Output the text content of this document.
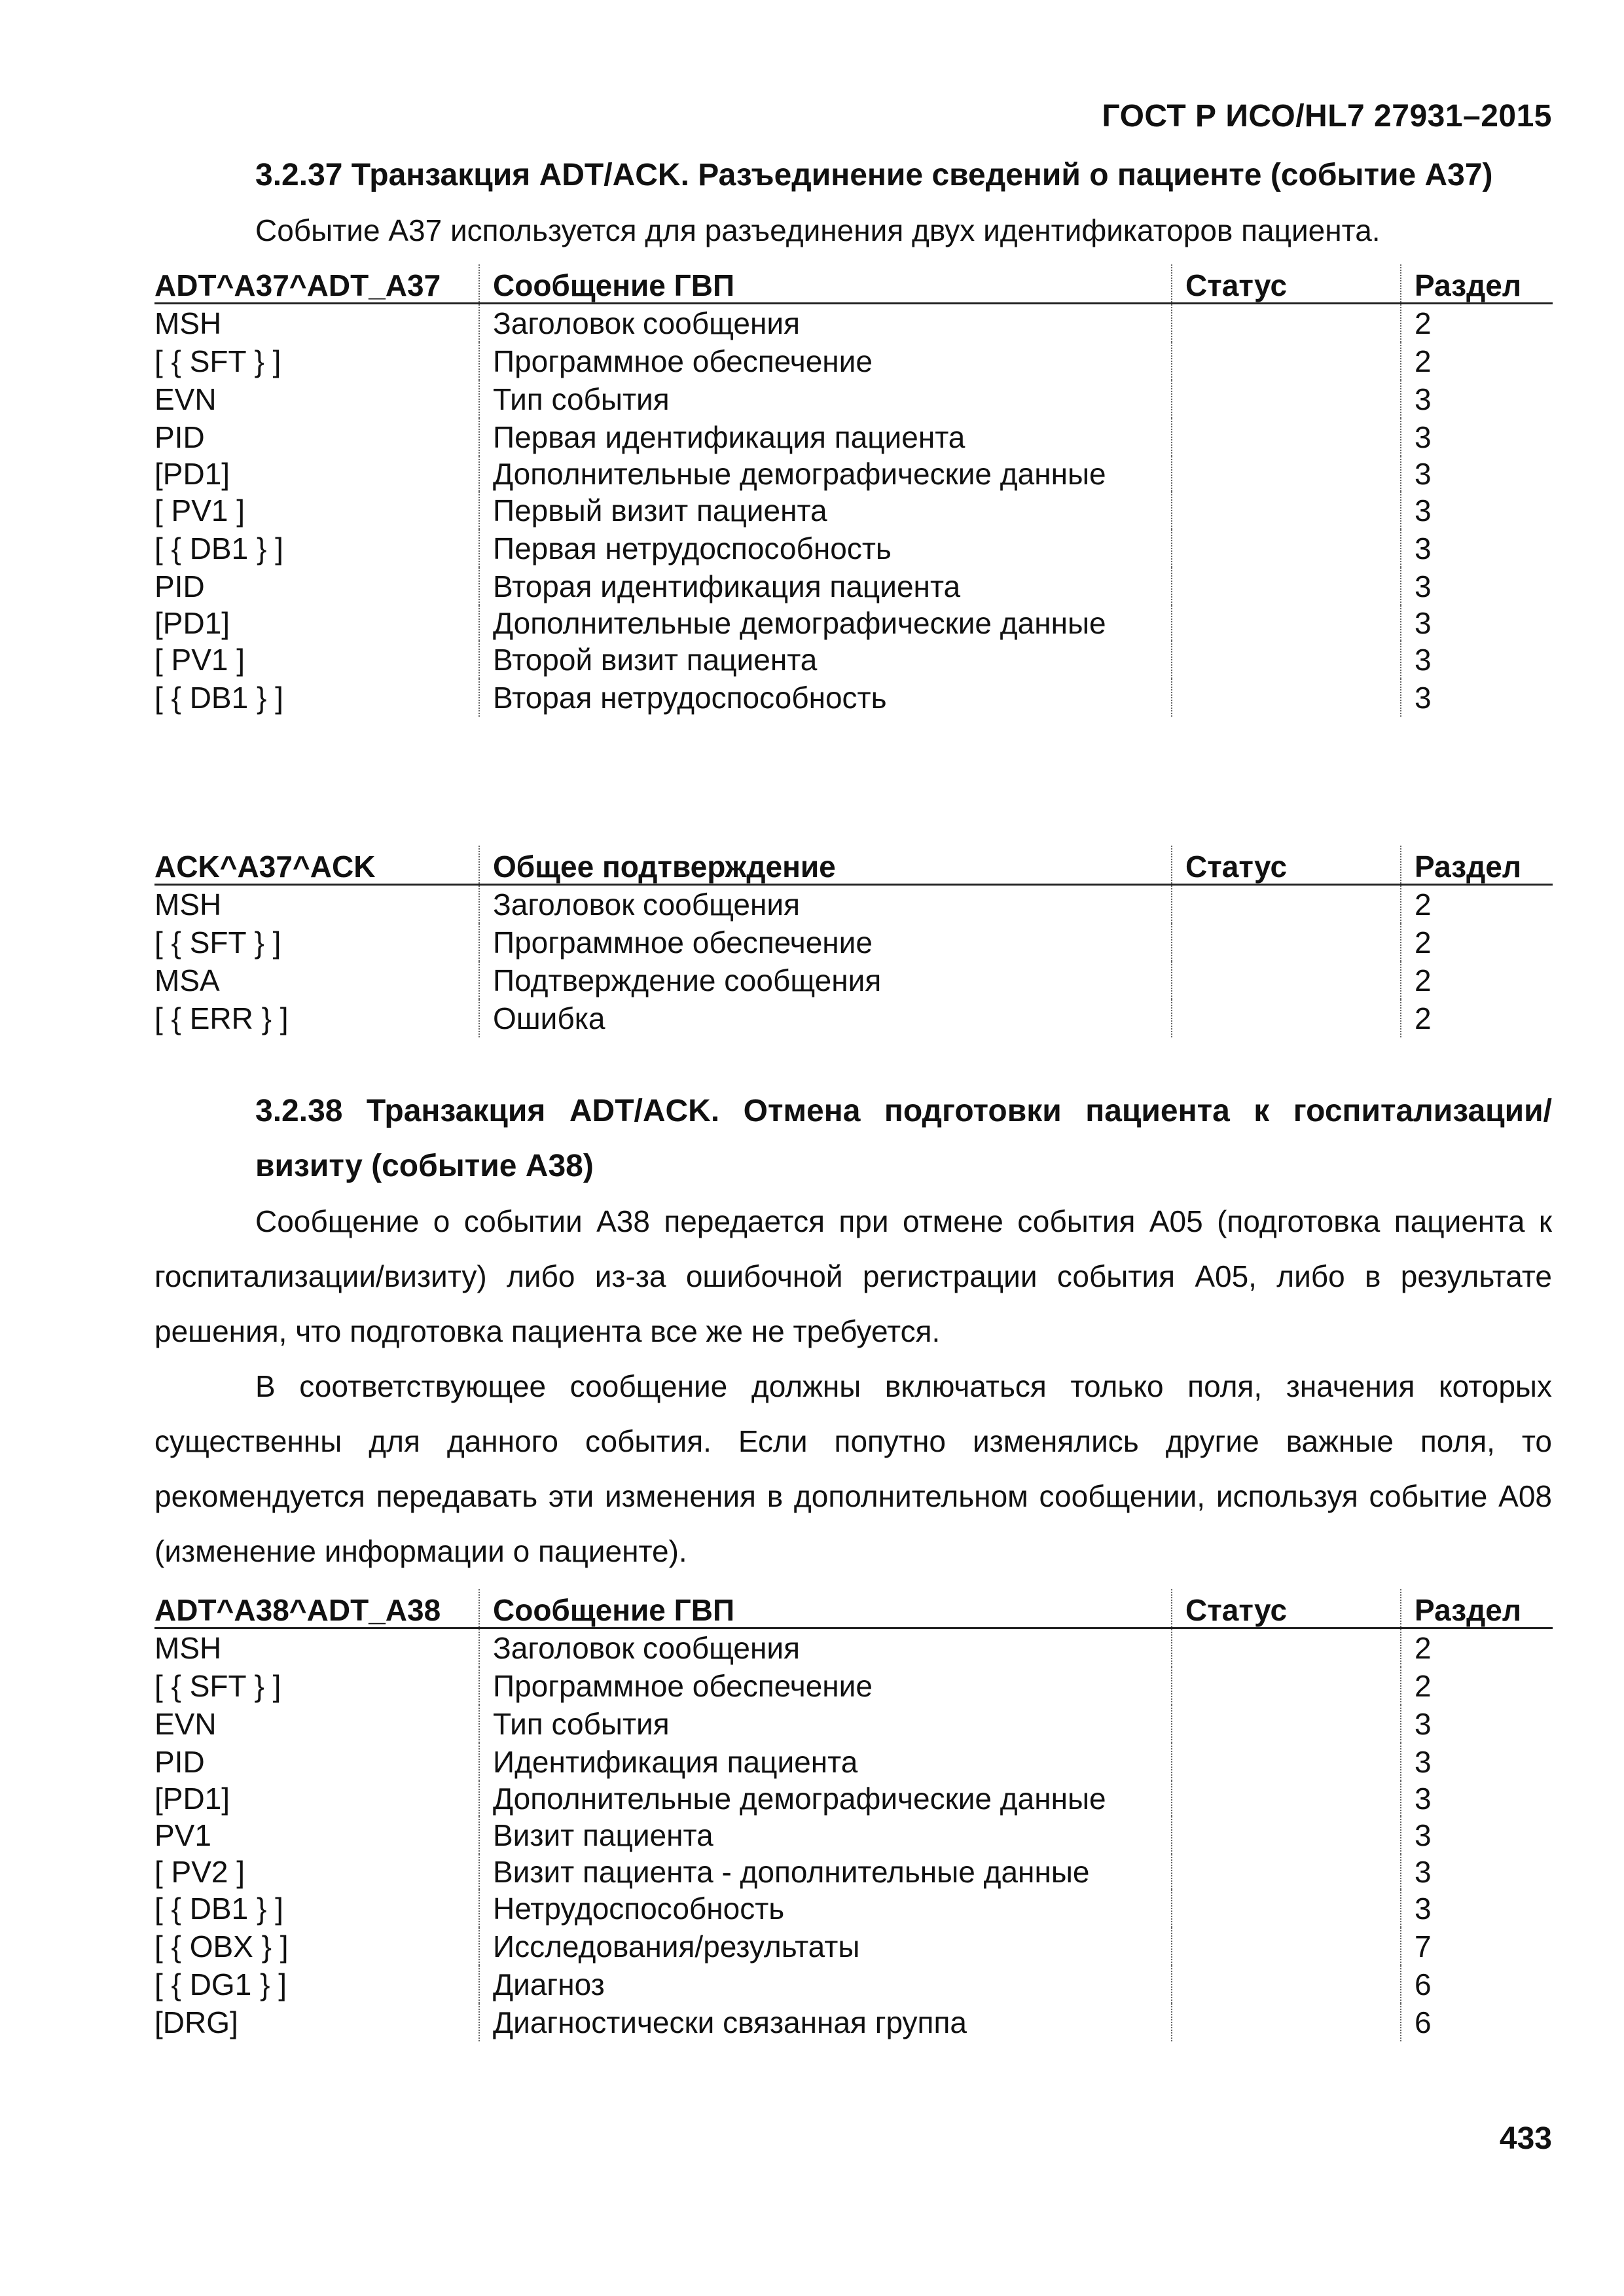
ГОСТ Р ИСО/HL7 27931–2015
3.2.37 Транзакция ADT/ACK. Разъединение сведений о пациенте (событие A37)
Событие A37 используется для разъединения двух идентификаторов пациента.
ADT^A37^ADT_A37	Сообщение ГВП	Статус	Раздел
MSH	Заголовок сообщения		2
[ { SFT } ]	Программное обеспечение		2
EVN	Тип события		3
PID	Первая идентификация пациента		3
[PD1]	Дополнительные демографические данные		3
[ PV1 ]	Первый визит пациента		3
[ { DB1 } ]	Первая нетрудоспособность		3
PID	Вторая идентификация пациента		3
[PD1]	Дополнительные демографические данные		3
[ PV1 ]	Второй визит пациента		3
[ { DB1 } ]	Вторая нетрудоспособность		3
ACK^A37^ACK	Общее подтверждение	Статус	Раздел
MSH	Заголовок сообщения		2
[ { SFT } ]	Программное обеспечение		2
MSA	Подтверждение сообщения		2
[ { ERR } ]	Ошибка		2
3.2.38 Транзакция ADT/ACK. Отмена подготовки пациента к госпитализации/визиту (событие A38)
Сообщение о событии A38 передается при отмене события A05 (подготовка пациента к госпитализации/визиту) либо из-за ошибочной регистрации события A05, либо в результате решения, что подготовка пациента все же не требуется.
В соответствующее сообщение должны включаться только поля, значения которых существенны для данного события. Если попутно изменялись другие важные поля, то рекомендуется передавать эти изменения в дополнительном сообщении, используя событие A08 (изменение информации о пациенте).
ADT^A38^ADT_A38	Сообщение ГВП	Статус	Раздел
MSH	Заголовок сообщения		2
[ { SFT } ]	Программное обеспечение		2
EVN	Тип события		3
PID	Идентификация пациента		3
[PD1]	Дополнительные демографические данные		3
PV1	Визит пациента		3
[ PV2 ]	Визит пациента - дополнительные данные		3
[ { DB1 } ]	Нетрудоспособность		3
[ { OBX } ]	Исследования/результаты		7
[ { DG1 } ]	Диагноз		6
[DRG]	Диагностически связанная группа		6
433
